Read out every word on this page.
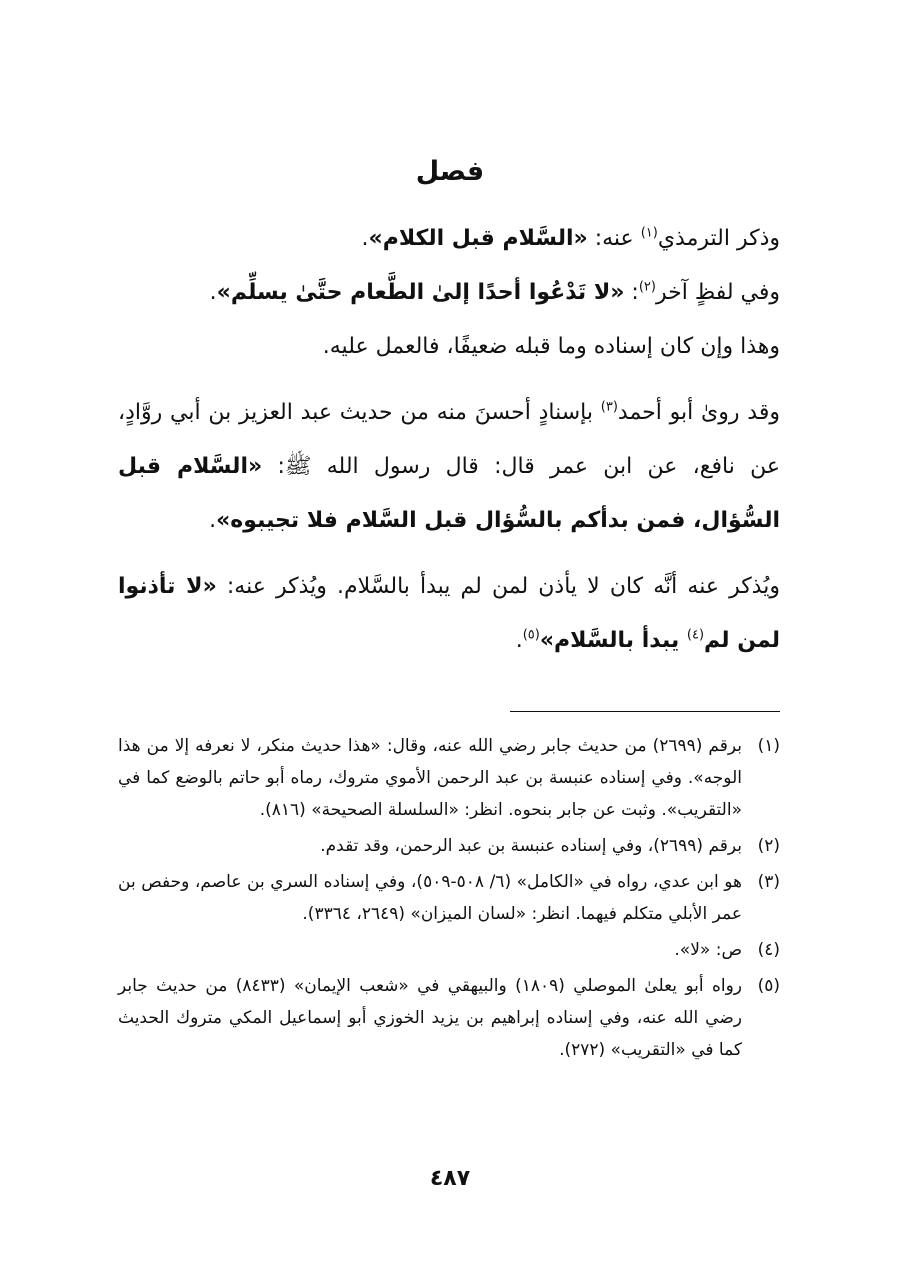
فصل

وذكر الترمذي$^{(١)}$ عنه: «السَّلام قبل الكلام».

وفي لفظٍ آخر$^{(٢)}$: «لا تَدْعُوا أحدًا إلىٰ الطَّعام حتَّىٰ يسلِّم».

وهذا وإن كان إسناده وما قبله ضعيفًا، فالعمل عليه.

وقد روىٰ أبو أحمد$^{(٣)}$ بإسنادٍ أحسنَ منه من حديث عبد العزيز بن أبي روَّادٍ، عن نافع، عن ابن عمر قال: قال رسول الله ﷺ: «السَّلام قبل السُّؤال، فمن بدأكم بالسُّؤال قبل السَّلام فلا تجيبوه».

ويُذكر عنه أنَّه كان لا يأذن لمن لم يبدأ بالسَّلام. ويُذكر عنه: «لا تأذنوا لمن لم$^{(٤)}$ يبدأ بالسَّلام»$^{(٥)}$.

(١)
برقم (٢٦٩٩) من حديث جابر رضي الله عنه، وقال: «هذا حديث منكر، لا نعرفه إلا من هذا الوجه». وفي إسناده عنبسة بن عبد الرحمن الأموي متروك، رماه أبو حاتم بالوضع كما في «التقريب». وثبت عن جابر بنحوه. انظر: «السلسلة الصحيحة» (٨١٦).
(٢)
برقم (٢٦٩٩)، وفي إسناده عنبسة بن عبد الرحمن، وقد تقدم.
(٣)
هو ابن عدي، رواه في «الكامل» (٦/ ٥٠٨-٥٠٩)، وفي إسناده السري بن عاصم، وحفص بن عمر الأبلي متكلم فيهما. انظر: «لسان الميزان» (٢٦٤٩، ٣٣٦٤).
(٤)
ص: «لا».
(٥)
رواه أبو يعلىٰ الموصلي (١٨٠٩) والبيهقي في «شعب الإيمان» (٨٤٣٣) من حديث جابر رضي الله عنه، وفي إسناده إبراهيم بن يزيد الخوزي أبو إسماعيل المكي متروك الحديث كما في «التقريب» (٢٧٢).
٤٨٧
